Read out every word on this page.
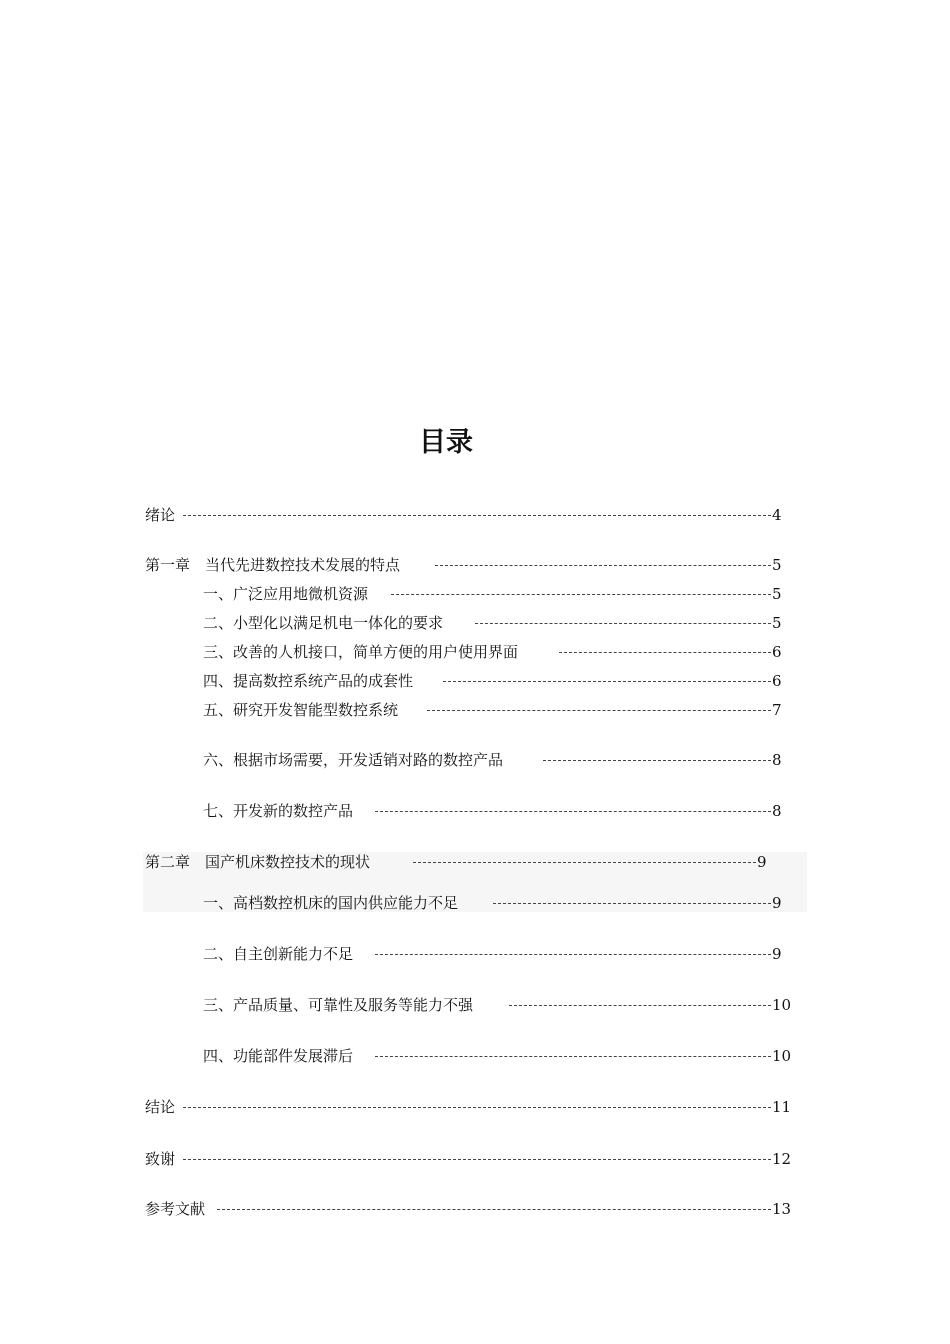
目录
绪论	4
第一章　当代先进数控技术发展的特点	5
一、广泛应用地微机资源	5
二、小型化以满足机电一体化的要求	5
三、改善的人机接口，简单方便的用户使用界面	6
四、提高数控系统产品的成套性	6
五、研究开发智能型数控系统	7
六、根据市场需要，开发适销对路的数控产品	8
七、开发新的数控产品	8
第二章　国产机床数控技术的现状	9
一、高档数控机床的国内供应能力不足	9
二、自主创新能力不足	9
三、产品质量、可靠性及服务等能力不强	10
四、功能部件发展滞后	10
结论	11
致谢	12
参考文献	13
